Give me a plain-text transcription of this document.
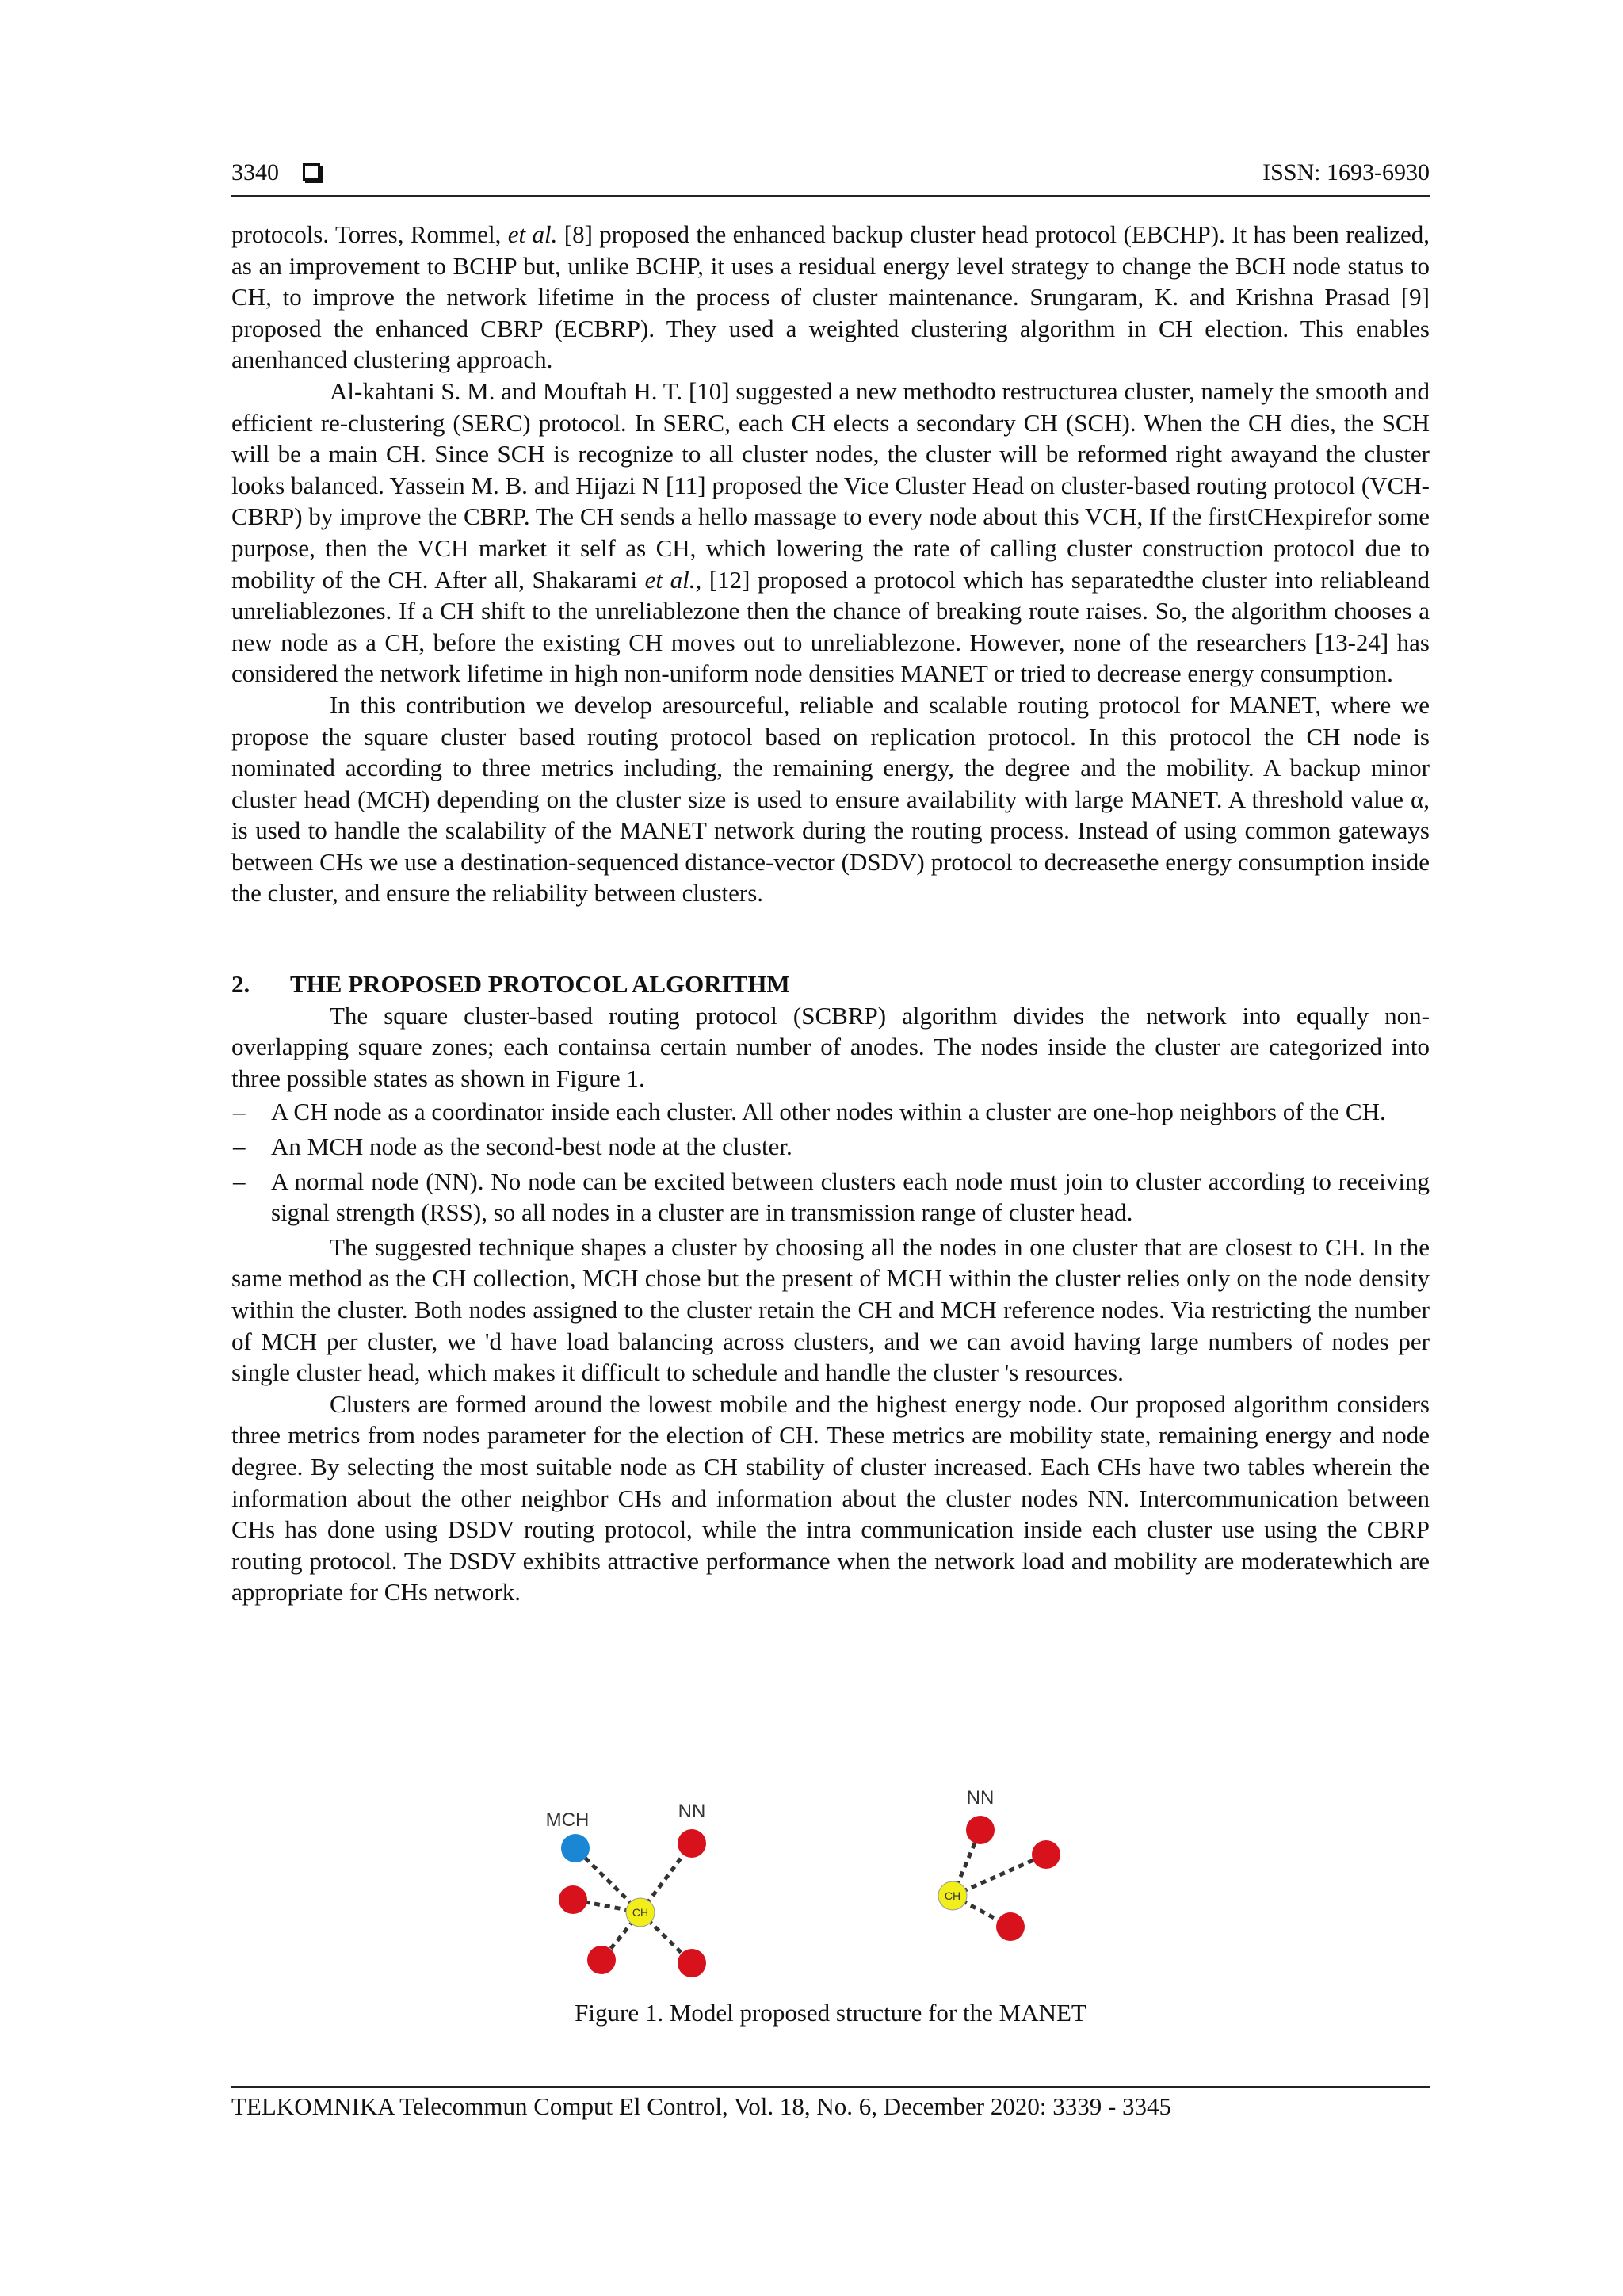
3340	ISSN: 1693-6930

protocols. Torres, Rommel, et al. [8] proposed the enhanced backup cluster head protocol (EBCHP). It has been realized, as an improvement to BCHP but, unlike BCHP, it uses a residual energy level strategy to change the BCH node status to CH, to improve the network lifetime in the process of cluster maintenance. Srungaram, K. and Krishna Prasad [9] proposed the enhanced CBRP (ECBRP). They used a weighted clustering algorithm in CH election. This enables anenhanced clustering approach.

Al-kahtani S. M. and Mouftah H. T. [10] suggested a new methodto restructurea cluster, namely the smooth and efficient re-clustering (SERC) protocol. In SERC, each CH elects a secondary CH (SCH). When the CH dies, the SCH will be a main CH. Since SCH is recognize to all cluster nodes, the cluster will be reformed right awayand the cluster looks balanced. Yassein M. B. and Hijazi N [11] proposed the Vice Cluster Head on cluster-based routing protocol (VCH-CBRP) by improve the CBRP. The CH sends a hello massage to every node about this VCH, If the firstCHexpirefor some purpose, then the VCH market it self as CH, which lowering the rate of calling cluster construction protocol due to mobility of the CH. After all, Shakarami et al., [12] proposed a protocol which has separatedthe cluster into reliableand unreliablezones. If a CH shift to the unreliablezone then the chance of breaking route raises. So, the algorithm chooses a new node as a CH, before the existing CH moves out to unreliablezone. However, none of the researchers [13-24] has considered the network lifetime in high non-uniform node densities MANET or tried to decrease energy consumption.

In this contribution we develop aresourceful, reliable and scalable routing protocol for MANET, where we propose the square cluster based routing protocol based on replication protocol. In this protocol the CH node is nominated according to three metrics including, the remaining energy, the degree and the mobility. A backup minor cluster head (MCH) depending on the cluster size is used to ensure availability with large MANET. A threshold value α, is used to handle the scalability of the MANET network during the routing process. Instead of using common gateways between CHs we use a destination-sequenced distance-vector (DSDV) protocol to decreasethe energy consumption inside the cluster, and ensure the reliability between clusters.

2. THE PROPOSED PROTOCOL ALGORITHM

The square cluster-based routing protocol (SCBRP) algorithm divides the network into equally non-overlapping square zones; each containsa certain number of anodes. The nodes inside the cluster are categorized into three possible states as shown in Figure 1.

– A CH node as a coordinator inside each cluster. All other nodes within a cluster are one-hop neighbors of the CH.
– An MCH node as the second-best node at the cluster.
– A normal node (NN). No node can be excited between clusters each node must join to cluster according to receiving signal strength (RSS), so all nodes in a cluster are in transmission range of cluster head.

The suggested technique shapes a cluster by choosing all the nodes in one cluster that are closest to CH. In the same method as the CH collection, MCH chose but the present of MCH within the cluster relies only on the node density within the cluster. Both nodes assigned to the cluster retain the CH and MCH reference nodes. Via restricting the number of MCH per cluster, we 'd have load balancing across clusters, and we can avoid having large numbers of nodes per single cluster head, which makes it difficult to schedule and handle the cluster 's resources.

Clusters are formed around the lowest mobile and the highest energy node. Our proposed algorithm considers three metrics from nodes parameter for the election of CH. These metrics are mobility state, remaining energy and node degree. By selecting the most suitable node as CH stability of cluster increased. Each CHs have two tables wherein the information about the other neighbor CHs and information about the cluster nodes NN. Intercommunication between CHs has done using DSDV routing protocol, while the intra communication inside each cluster use using the CBRP routing protocol. The DSDV exhibits attractive performance when the network load and mobility are moderatewhich are appropriate for CHs network.

CH
MCH	NN
CH
NN
Figure 1. Model proposed structure for the MANET
TELKOMNIKA Telecommun Comput El Control, Vol. 18, No. 6, December 2020: 3339 - 3345
